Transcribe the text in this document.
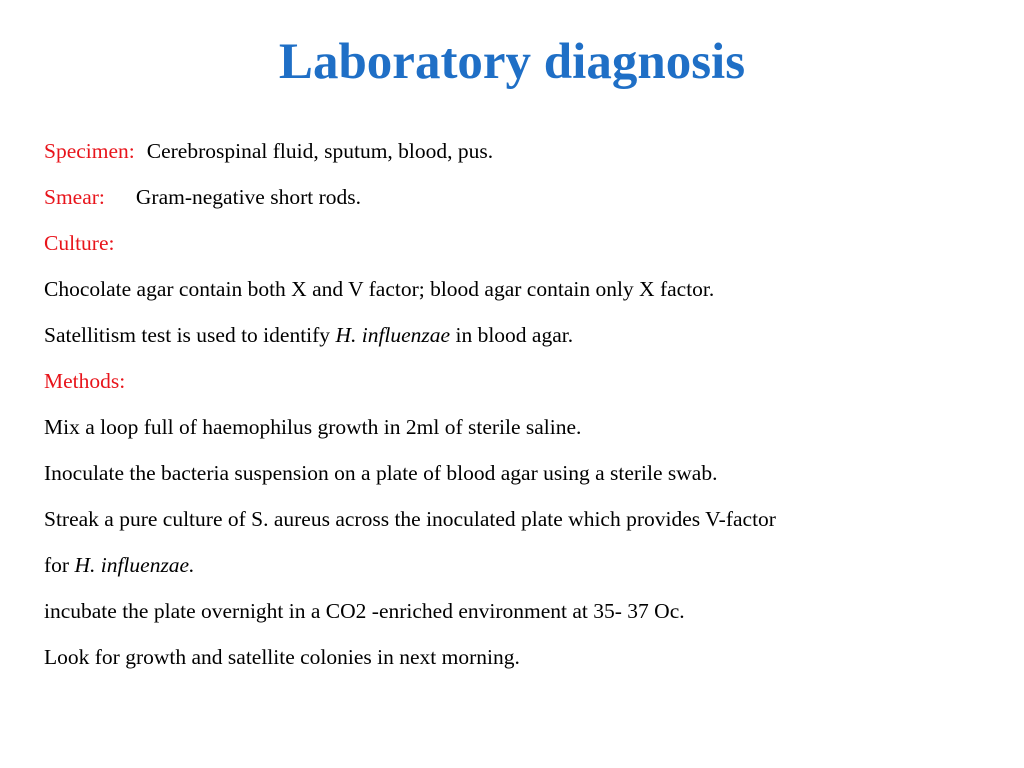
Laboratory diagnosis
Specimen: Cerebrospinal fluid, sputum, blood, pus.
Smear: Gram-negative short rods.
Culture:
Chocolate agar contain both X and V factor; blood agar contain only X factor.
Satellitism test is used to identify H. influenzae in blood agar.
Methods:
Mix a loop full of haemophilus growth in 2ml of sterile saline.
Inoculate the bacteria suspension on a plate of blood agar using a sterile swab.
Streak a pure culture of S. aureus across the inoculated plate which provides V-factor
for H. influenzae.
incubate the plate overnight in a CO2 -enriched environment at 35- 37 Oc.
Look for growth and satellite colonies in next morning.
